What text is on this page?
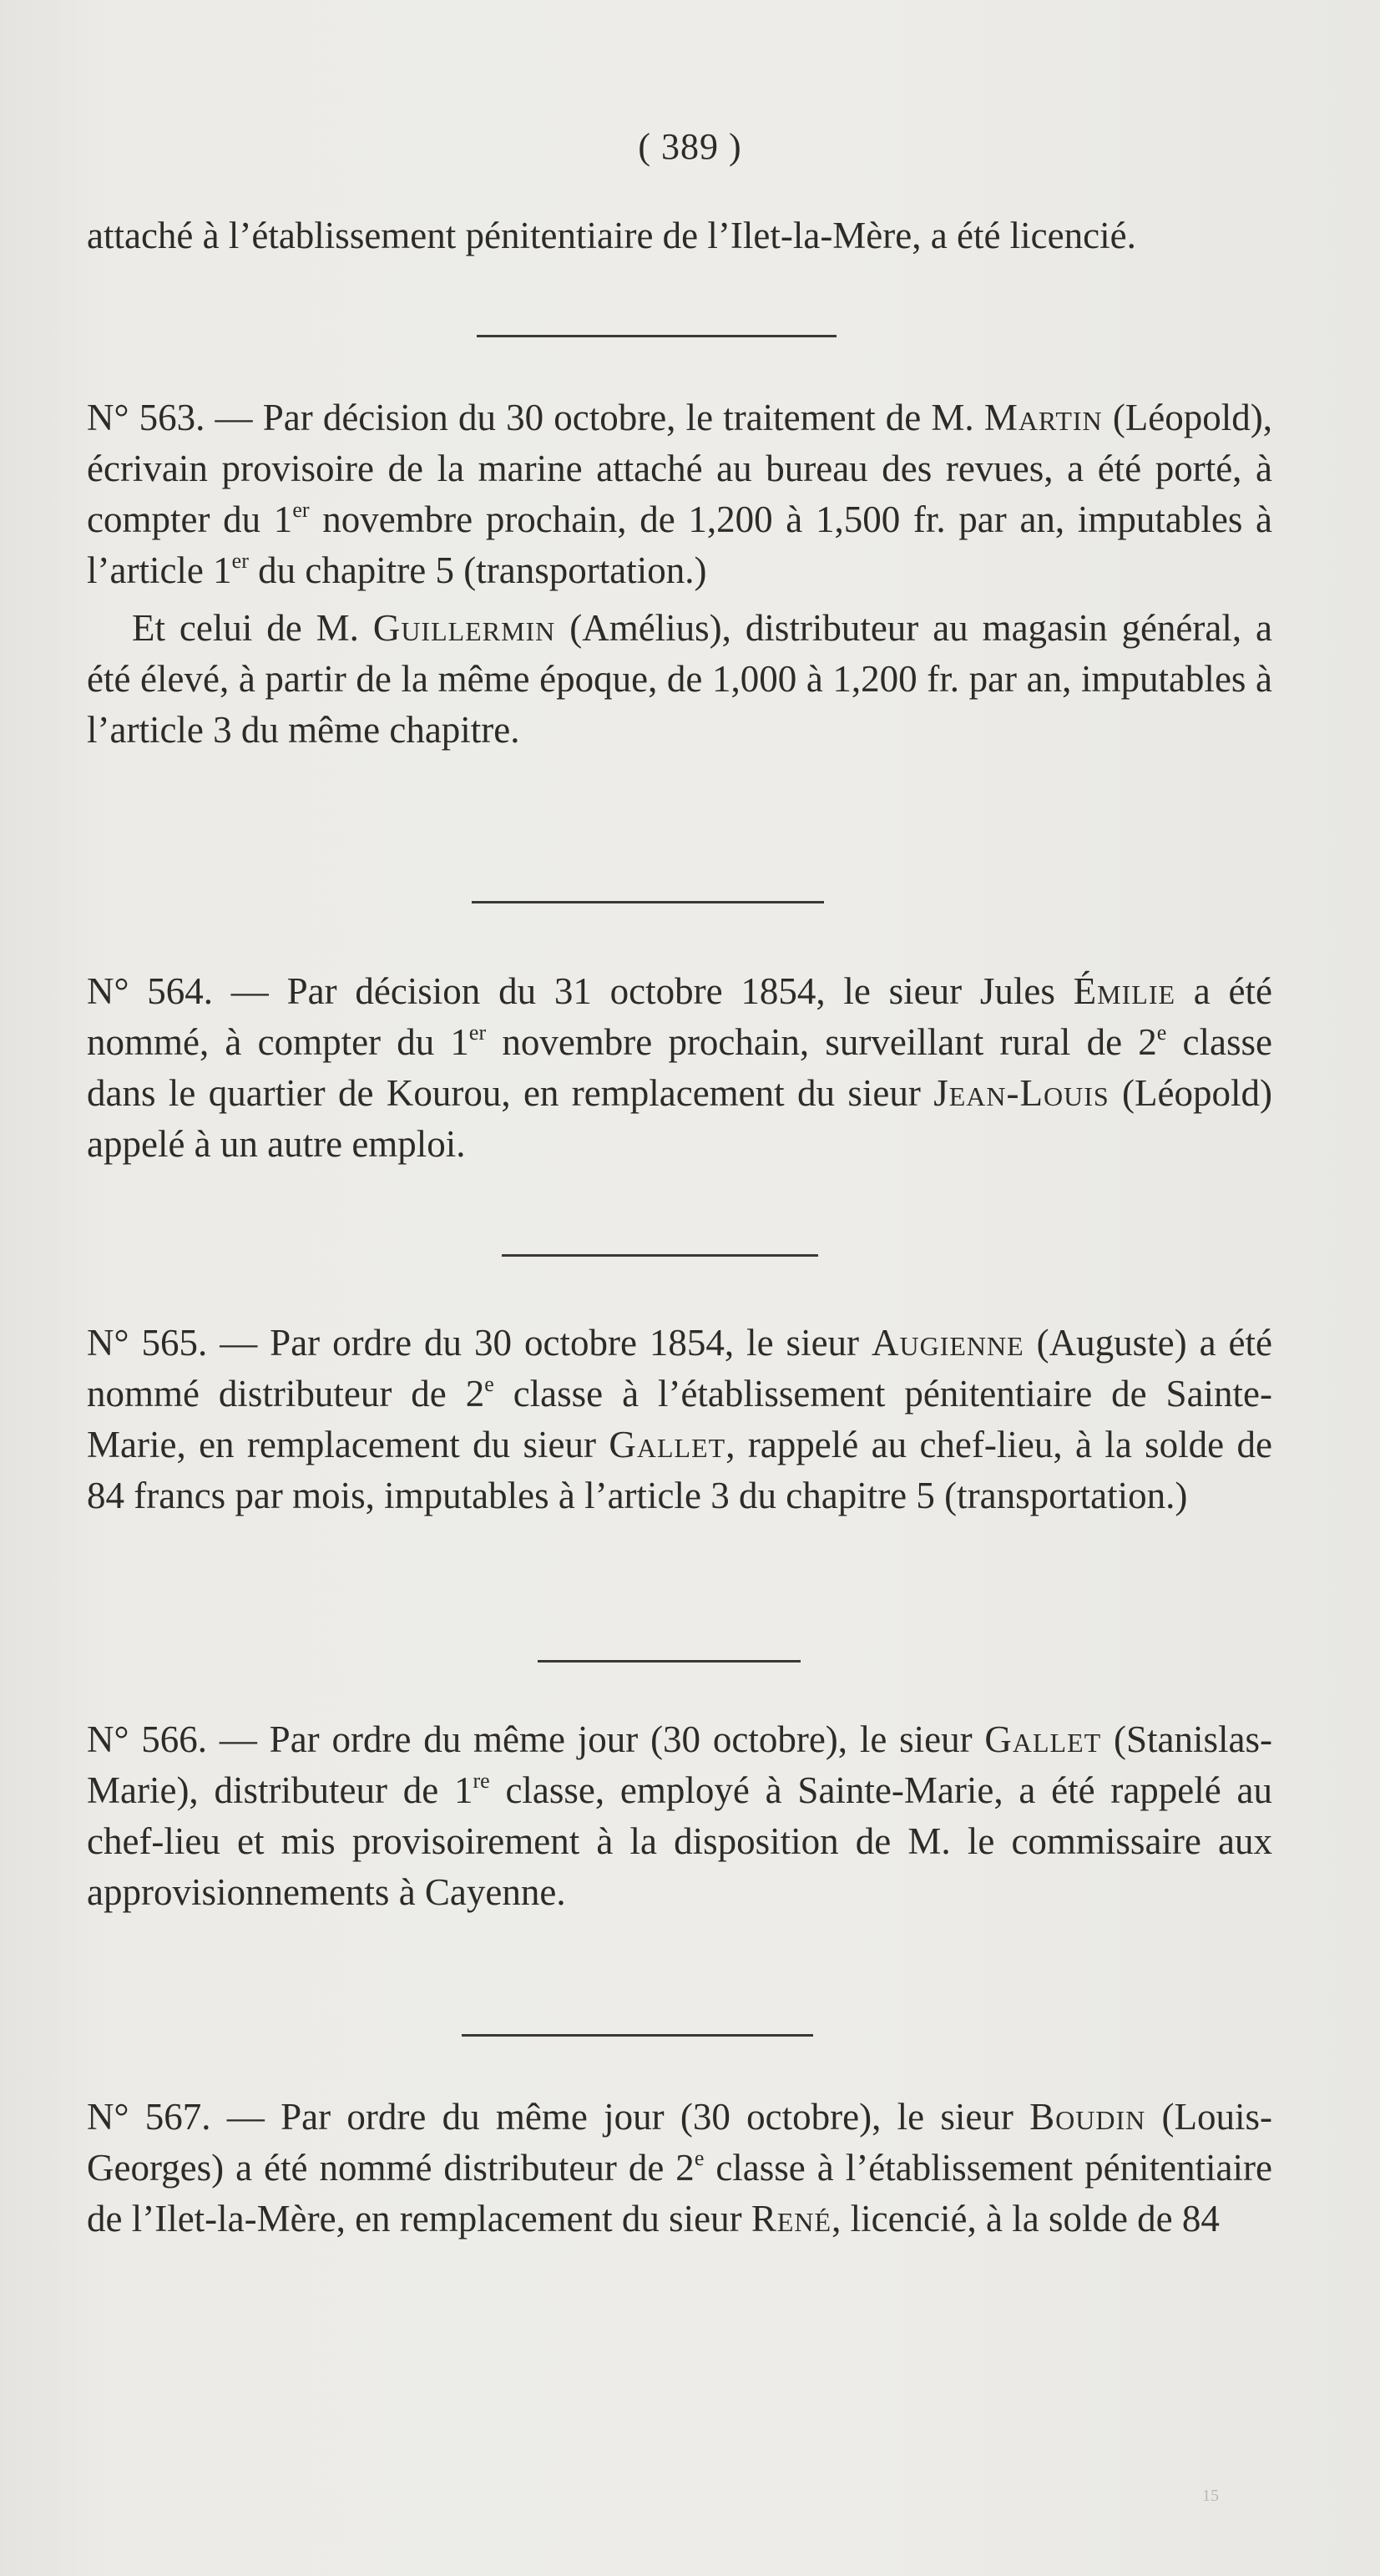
( 389 )

attaché à l’établissement pénitentiaire de l’Ilet-la-Mère, a été licencié.

N° 563. — Par décision du 30 octobre, le traitement de M. Martin (Léopold), écrivain provisoire de la marine attaché au bureau des revues, a été porté, à compter du 1er novembre prochain, de 1,200 à 1,500 fr. par an, imputables à l’article 1er du chapitre 5 (transportation.)

Et celui de M. Guillermin (Amélius), distributeur au magasin général, a été élevé, à partir de la même époque, de 1,000 à 1,200 fr. par an, imputables à l’article 3 du même chapitre.

N° 564. — Par décision du 31 octobre 1854, le sieur Jules Émilie a été nommé, à compter du 1er novembre prochain, surveillant rural de 2e classe dans le quartier de Kourou, en remplacement du sieur Jean-Louis (Léopold) appelé à un autre emploi.

N° 565. — Par ordre du 30 octobre 1854, le sieur Augienne (Auguste) a été nommé distributeur de 2e classe à l’établissement pénitentiaire de Sainte-Marie, en remplacement du sieur Gallet, rappelé au chef-lieu, à la solde de 84 francs par mois, imputables à l’article 3 du chapitre 5 (transportation.)

N° 566. — Par ordre du même jour (30 octobre), le sieur Gallet (Stanislas-Marie), distributeur de 1re classe, employé à Sainte-Marie, a été rappelé au chef-lieu et mis provisoirement à la disposition de M. le commissaire aux approvisionnements à Cayenne.

N° 567. — Par ordre du même jour (30 octobre), le sieur Boudin (Louis-Georges) a été nommé distributeur de 2e classe à l’établissement pénitentiaire de l’Ilet-la-Mère, en remplacement du sieur René, licencié, à la solde de 84

15
